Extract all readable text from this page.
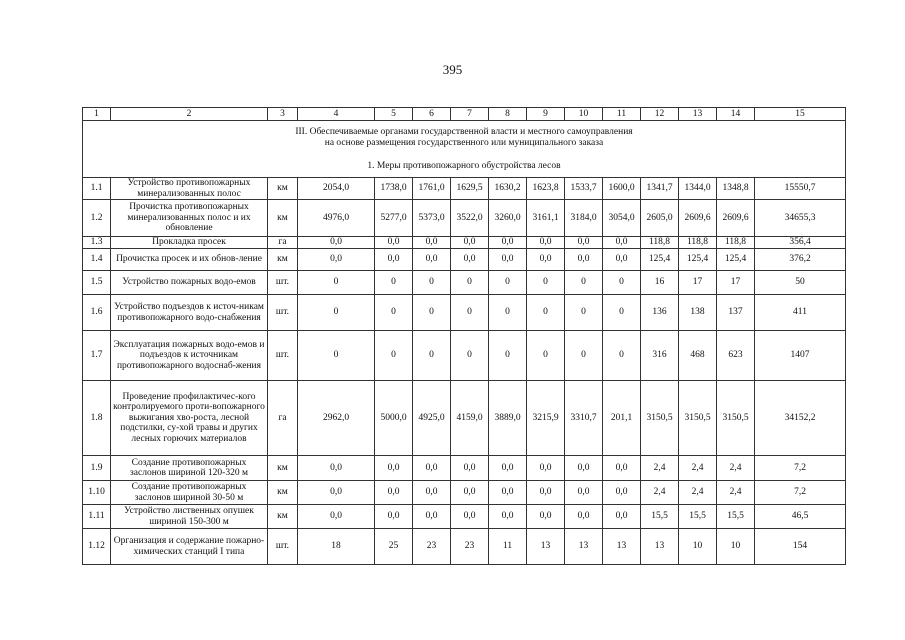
395
1	2	3	4	5	6	7	8	9	10	11	12	13	14	15

III. Обеспечиваемые органами государственной власти и местного самоуправления
на основе размещения государственного или муниципального заказа
1. Меры противопожарного обустройства лесов														

1.1	Устройство противопожарных минерализованных полос	км	2054,0	1738,0	1761,0	1629,5	1630,2	1623,8	1533,7	1600,0	1341,7	1344,0	1348,8	15550,7
1.2	Прочистка противопожарных минерализованных полос и их обновление	км	4976,0	5277,0	5373,0	3522,0	3260,0	3161,1	3184,0	3054,0	2605,0	2609,6	2609,6	34655,3
1.3	Прокладка просек	га	0,0	0,0	0,0	0,0	0,0	0,0	0,0	0,0	118,8	118,8	118,8	356,4
1.4	Прочистка просек и их обнов-ление	км	0,0	0,0	0,0	0,0	0,0	0,0	0,0	0,0	125,4	125,4	125,4	376,2
1.5	Устройство пожарных водо-емов	шт.	0	0	0	0	0	0	0	0	16	17	17	50
1.6	Устройство подъездов к источ-никам противопожарного водо-снабжения	шт.	0	0	0	0	0	0	0	0	136	138	137	411
1.7	Эксплуатация пожарных водо-емов и подъездов к источникам противопожарного водоснаб-жения	шт.	0	0	0	0	0	0	0	0	316	468	623	1407
1.8	Проведение профилактичес-кого контролируемого проти-вопожарного выжигания хво-роста, лесной подстилки, су-хой травы и других лесных горючих материалов	га	2962,0	5000,0	4925,0	4159,0	3889,0	3215,9	3310,7	201,1	3150,5	3150,5	3150,5	34152,2
1.9	Создание противопожарных заслонов шириной 120-320 м	км	0,0	0,0	0,0	0,0	0,0	0,0	0,0	0,0	2,4	2,4	2,4	7,2
1.10	Создание противопожарных заслонов шириной 30-50 м	км	0,0	0,0	0,0	0,0	0,0	0,0	0,0	0,0	2,4	2,4	2,4	7,2
1.11	Устройство лиственных опушек шириной 150-300 м	км	0,0	0,0	0,0	0,0	0,0	0,0	0,0	0,0	15,5	15,5	15,5	46,5
1.12	Организация и содержание пожарно-химических станций I типа	шт.	18	25	23	23	11	13	13	13	13	10	10	154
